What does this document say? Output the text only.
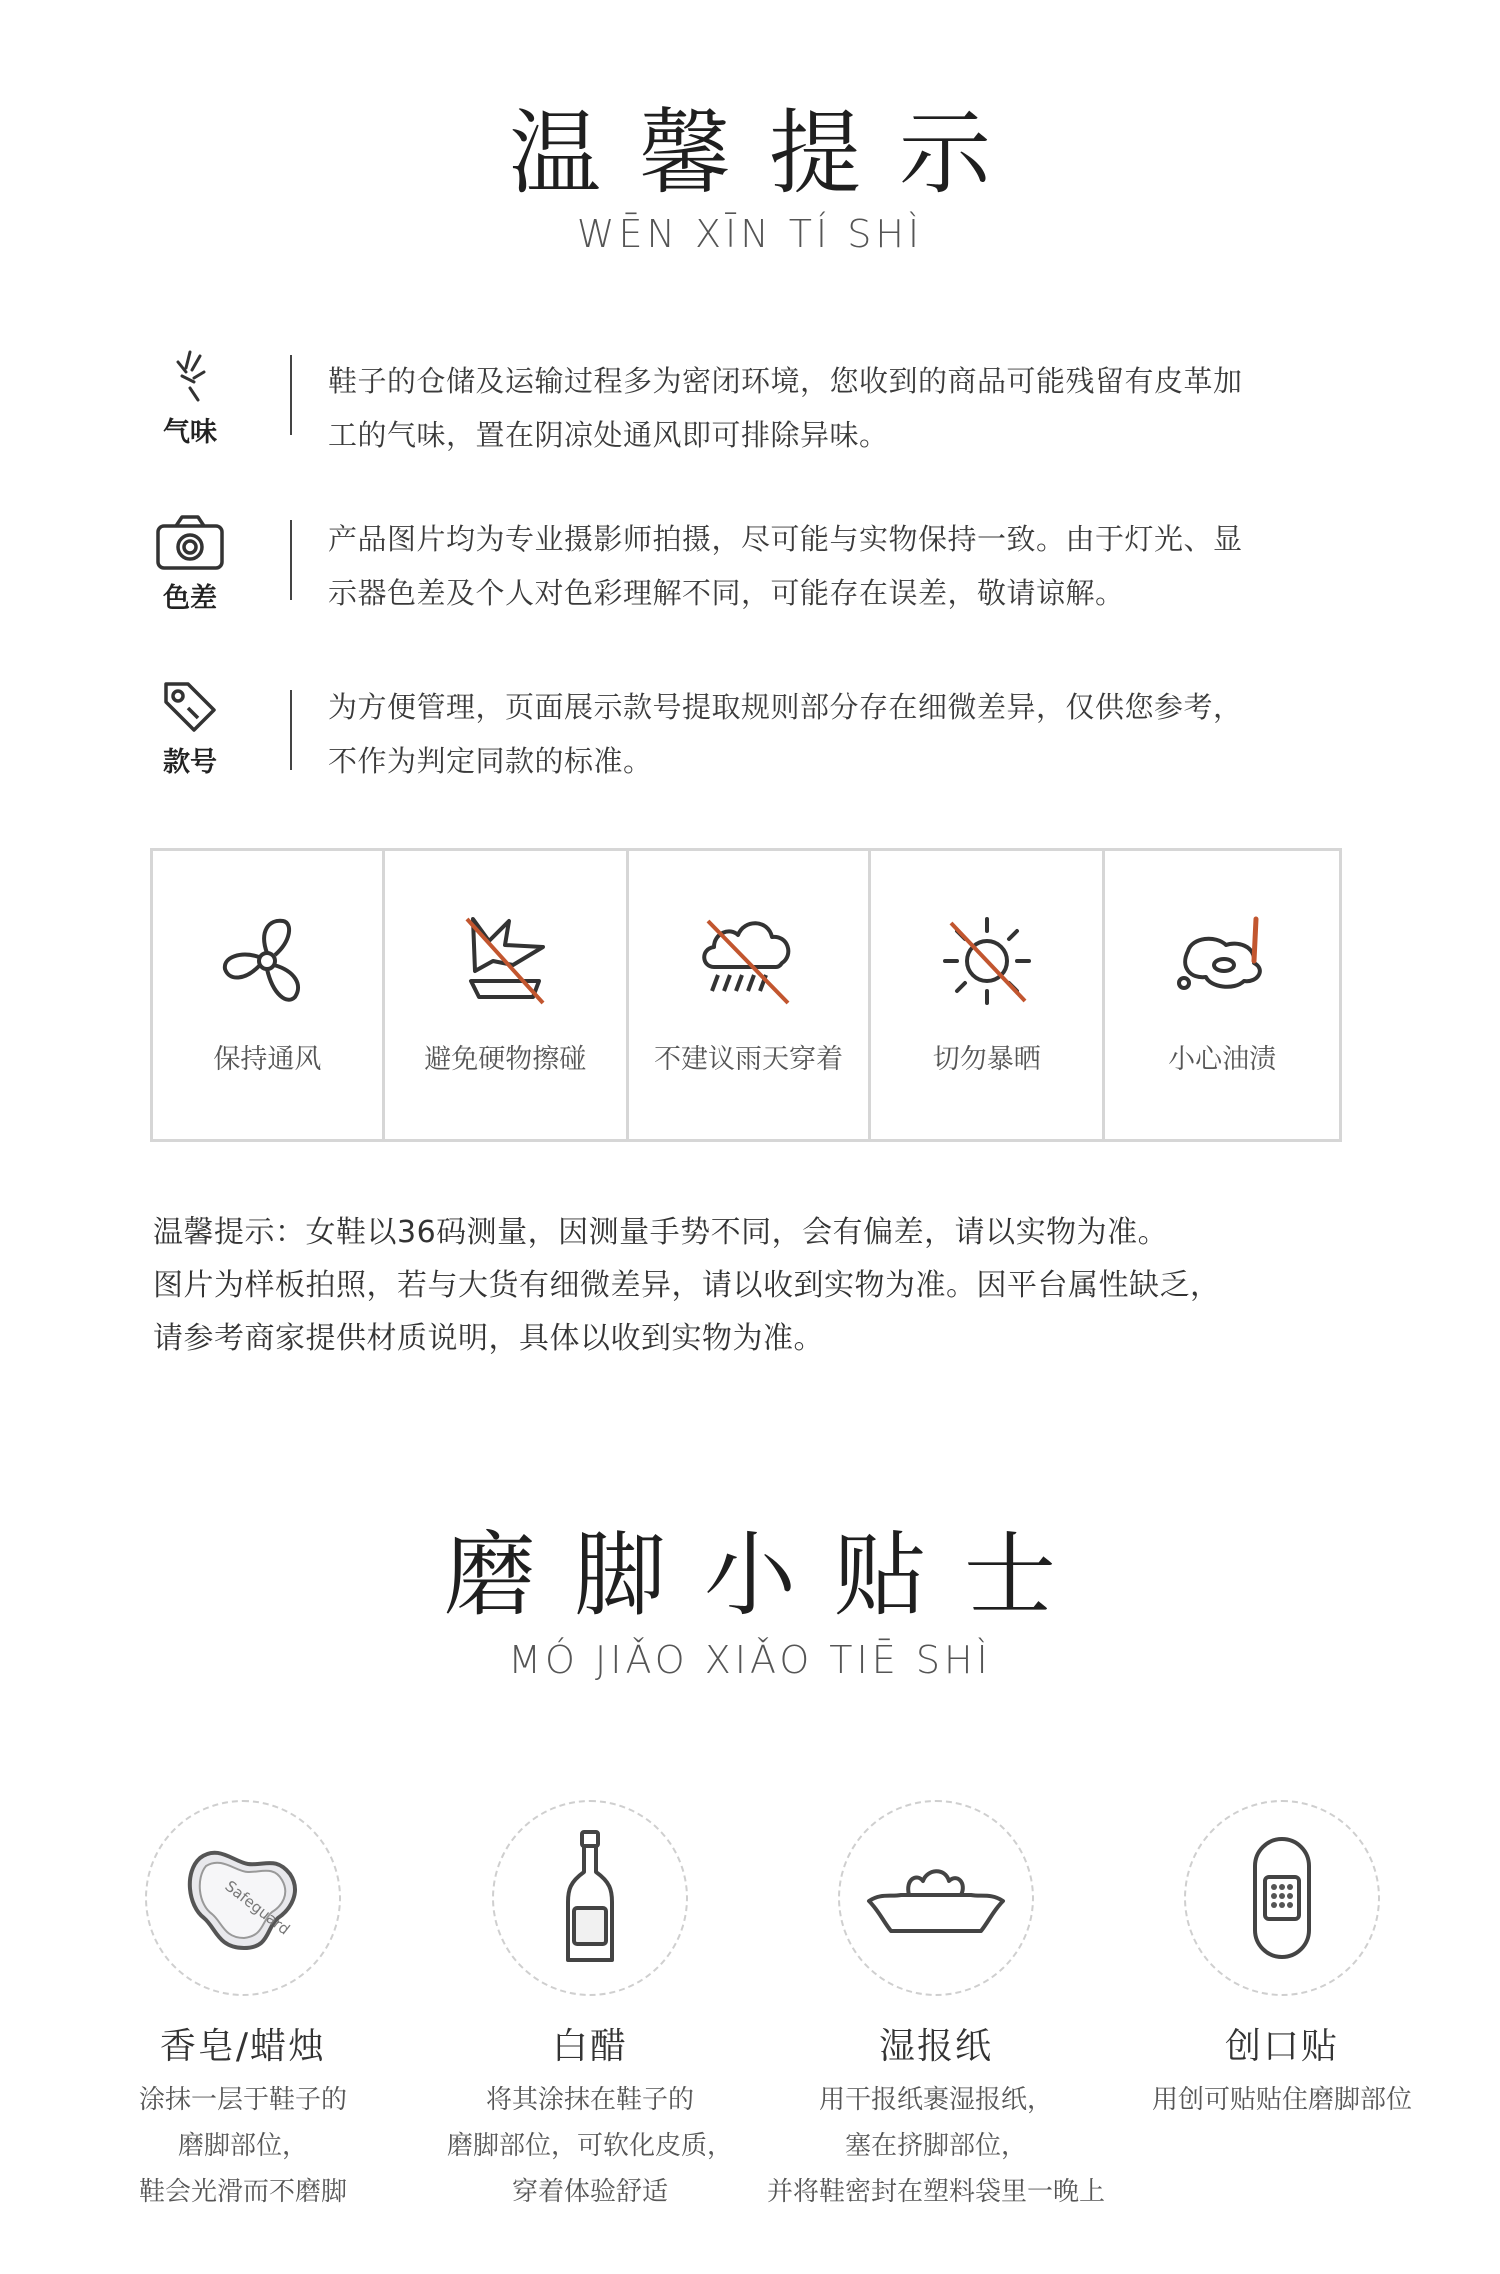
温馨提示
WĒN XĪN TÍ SHÌ
气味
鞋子的仓储及运输过程多为密闭环境，您收到的商品可能残留有皮革加
工的气味，置在阴凉处通风即可排除异味。
色差
产品图片均为专业摄影师拍摄，尽可能与实物保持一致。由于灯光、显
示器色差及个人对色彩理解不同，可能存在误差，敬请谅解。
款号
为方便管理，页面展示款号提取规则部分存在细微差异，仅供您参考，
不作为判定同款的标准。
保持通风	避免硬物擦碰	不建议雨天穿着	切勿暴晒	小心油渍

温馨提示：女鞋以36码测量，因测量手势不同，会有偏差，请以实物为准。

图片为样板拍照，若与大货有细微差异，请以收到实物为准。因平台属性缺乏，

请参考商家提供材质说明，具体以收到实物为准。

磨脚小贴士
MÓ JIǍO XIǍO TIĒ SHÌ
Safeguard
香皂/蜡烛
涂抹一层于鞋子的
磨脚部位，
鞋会光滑而不磨脚
白醋
将其涂抹在鞋子的
磨脚部位，可软化皮质，
穿着体验舒适
湿报纸
用干报纸裹湿报纸，
塞在挤脚部位，
并将鞋密封在塑料袋里一晚上
创口贴
用创可贴贴住磨脚部位
